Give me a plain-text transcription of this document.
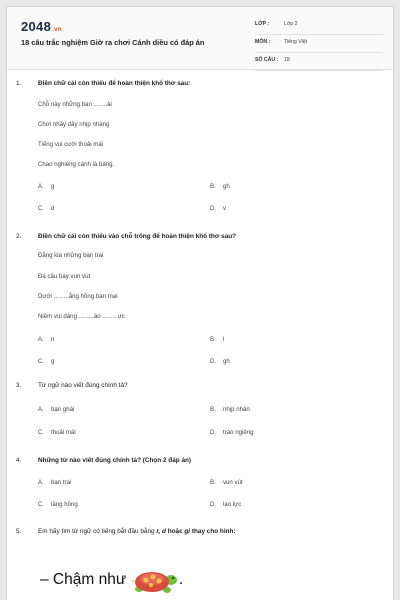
2048.vn
18 câu trắc nghiệm Giờ ra chơi Cánh diều có đáp án
LỚP :	Lớp 2
MÔN :	Tiếng Việt
SỐ CÂU : 18
1.	Điền chữ cái còn thiếu để hoàn thiện khổ thơ sau:
Chỗ này những bạn ........ải
Chơi nhảy dây nhịp nhàng
Tiếng vui cười thoải mái
Chao nghiêng cánh là bàng.
A. g	B. gh
C. d	D. v
2.	Điền chữ cái còn thiếu vào chỗ trống để hoàn thiện khổ thơ sau?
Đằng kia những bạn trai
Đá cầu bay vun vút
Dưới .........ắng hồng ban mai
Niềm vui dâng .........áo .........ực
A. n	B. l
C. g	D. gh
3.	Từ ngữ nào viết đúng chính tả?
A. bạn ghái	B. nhịp nhàn
C. thoải mái	D. trao ngiêng
4.	Những từ nào viết đúng chính tả? (Chọn 2 đáp án)
A. bạn trai	B. vun vút
C. lăng hồng	D. lao lực
5.	Em hãy tìm từ ngữ có tiếng bắt đầu bằng r, d hoặc gi thay cho hình:
– Chậm như	.
